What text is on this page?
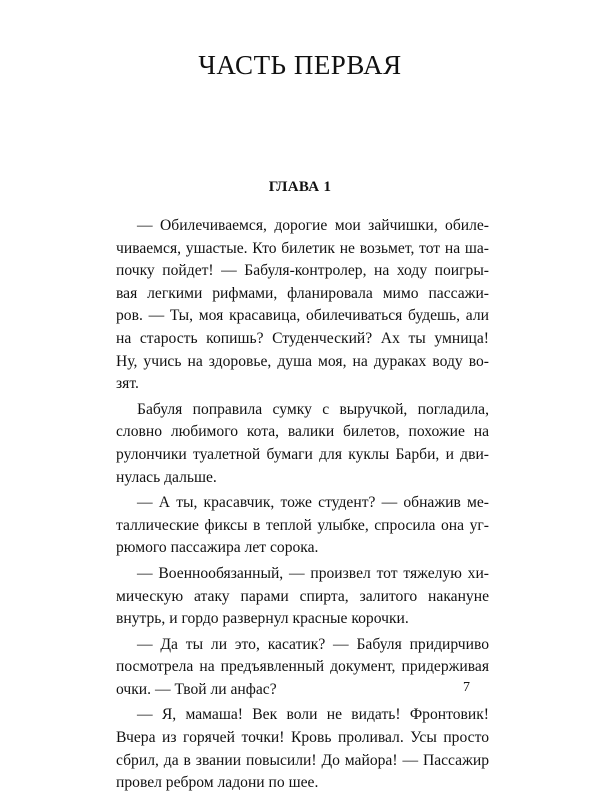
ЧАСТЬ ПЕРВАЯ
ГЛАВА 1
— Обилечиваемся, дорогие мои зайчишки, обиле-
чиваемся, ушастые. Кто билетик не возьмет, тот на ша-
почку пойдет! — Бабуля-контролер, на ходу поигры-
вая легкими рифмами, фланировала мимо пассажи-
ров. — Ты, моя красавица, обилечиваться будешь, али
на старость копишь? Студенческий? Ах ты умница!
Ну, учись на здоровье, душа моя, на дураках воду во-
зят.
Бабуля поправила сумку с выручкой, погладила,
словно любимого кота, валики билетов, похожие на
рулончики туалетной бумаги для куклы Барби, и дви-
нулась дальше.
— А ты, красавчик, тоже студент? — обнажив ме-
таллические фиксы в теплой улыбке, спросила она уг-
рюмого пассажира лет сорока.
— Военнообязанный, — произвел тот тяжелую хи-
мическую атаку парами спирта, залитого накануне
внутрь, и гордо развернул красные корочки.
— Да ты ли это, касатик? — Бабуля придирчиво
посмотрела на предъявленный документ, придерживая
очки. — Твой ли анфас?
— Я, мамаша! Век воли не видать! Фронтовик!
Вчера из горячей точки! Кровь проливал. Усы просто
сбрил, да в звании повысили! До майора! — Пассажир
провел ребром ладони по шее.
7
